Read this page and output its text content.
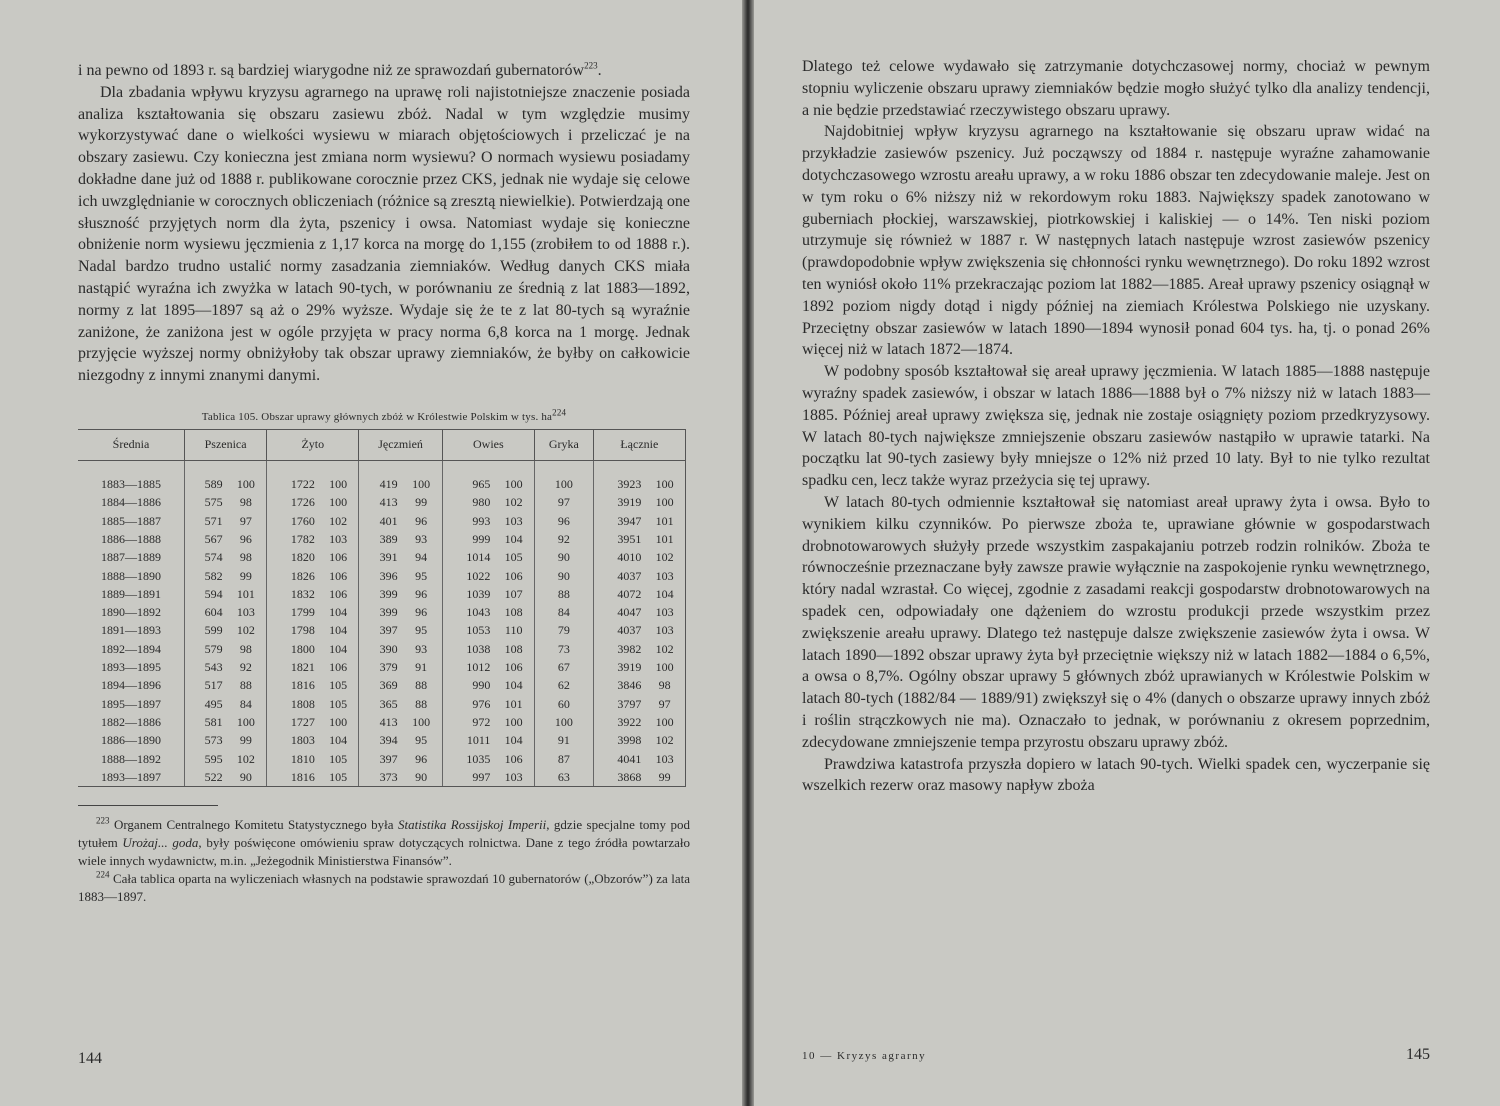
i na pewno od 1893 r. są bardziej wiarygodne niż ze sprawozdań gubernatorów$^{223}$.

Dla zbadania wpływu kryzysu agrarnego na uprawę roli najistotniejsze znaczenie posiada analiza kształtowania się obszaru zasiewu zbóż. Nadal w tym względzie musimy wykorzystywać dane o wielkości wysiewu w miarach objętościowych i przeliczać je na obszary zasiewu. Czy konieczna jest zmiana norm wysiewu? O normach wysiewu posiadamy dokładne dane już od 1888 r. publikowane corocznie przez CKS, jednak nie wydaje się celowe ich uwzględnianie w corocznych obliczeniach (różnice są zresztą niewielkie). Potwierdzają one słuszność przyjętych norm dla żyta, pszenicy i owsa. Natomiast wydaje się konieczne obniżenie norm wysiewu jęczmienia z 1,17 korca na morgę do 1,155 (zrobiłem to od 1888 r.). Nadal bardzo trudno ustalić normy zasadzania ziemniaków. Według danych CKS miała nastąpić wyraźna ich zwyżka w latach 90-tych, w porównaniu ze średnią z lat 1883—1892, normy z lat 1895—1897 są aż o 29% wyższe. Wydaje się że te z lat 80-tych są wyraźnie zaniżone, że zaniżona jest w ogóle przyjęta w pracy norma 6,8 korca na 1 morgę. Jednak przyjęcie wyższej normy obniżyłoby tak obszar uprawy ziemniaków, że byłby on całkowicie niezgodny z innymi znanymi danymi.

Tablica 105. Obszar uprawy głównych zbóż w Królestwie Polskim w tys. $ha^{224}$
Średnia	Pszenica		Żyto		Jęczmień		Owies		Gryka	Łącznie	

1883—1885	589	100	1722	100	419	100	965	100	100	3923	100
1884—1886	575	98	1726	100	413	99	980	102	97	3919	100
1885—1887	571	97	1760	102	401	96	993	103	96	3947	101
1886—1888	567	96	1782	103	389	93	999	104	92	3951	101
1887—1889	574	98	1820	106	391	94	1014	105	90	4010	102
1888—1890	582	99	1826	106	396	95	1022	106	90	4037	103
1889—1891	594	101	1832	106	399	96	1039	107	88	4072	104
1890—1892	604	103	1799	104	399	96	1043	108	84	4047	103
1891—1893	599	102	1798	104	397	95	1053	110	79	4037	103
1892—1894	579	98	1800	104	390	93	1038	108	73	3982	102
1893—1895	543	92	1821	106	379	91	1012	106	67	3919	100
1894—1896	517	88	1816	105	369	88	990	104	62	3846	98
1895—1897	495	84	1808	105	365	88	976	101	60	3797	97
1882—1886	581	100	1727	100	413	100	972	100	100	3922	100
1886—1890	573	99	1803	104	394	95	1011	104	91	3998	102
1888—1892	595	102	1810	105	397	96	1035	106	87	4041	103
1893—1897	522	90	1816	105	373	90	997	103	63	3868	99

$^{223}$ Organem Centralnego Komitetu Statystycznego była Statistika Rossijskoj Imperii, gdzie specjalne tomy pod tytułem Urożaj... goda, były poświęcone omówieniu spraw dotyczących rolnictwa. Dane z tego źródła powtarzało wiele innych wydawnictw, m.in. „Jeżegodnik Ministierstwa Finansów”.

$^{224}$ Cała tablica oparta na wyliczeniach własnych na podstawie sprawozdań 10 gubernatorów („Obzorów”) za lata 1883—1897.

144

Dlatego też celowe wydawało się zatrzymanie dotychczasowej normy, chociaż w pewnym stopniu wyliczenie obszaru uprawy ziemniaków będzie mogło służyć tylko dla analizy tendencji, a nie będzie przedstawiać rzeczywistego obszaru uprawy.

Najdobitniej wpływ kryzysu agrarnego na kształtowanie się obszaru upraw widać na przykładzie zasiewów pszenicy. Już począwszy od 1884 r. następuje wyraźne zahamowanie dotychczasowego wzrostu areału uprawy, a w roku 1886 obszar ten zdecydowanie maleje. Jest on w tym roku o 6% niższy niż w rekordowym roku 1883. Największy spadek zanotowano w guberniach płockiej, warszawskiej, piotrkowskiej i kaliskiej — o 14%. Ten niski poziom utrzymuje się również w 1887 r. W następnych latach następuje wzrost zasiewów pszenicy (prawdopodobnie wpływ zwiększenia się chłonności rynku wewnętrznego). Do roku 1892 wzrost ten wyniósł około 11% przekraczając poziom lat 1882—1885. Areał uprawy pszenicy osiągnął w 1892 poziom nigdy dotąd i nigdy później na ziemiach Królestwa Polskiego nie uzyskany. Przeciętny obszar zasiewów w latach 1890—1894 wynosił ponad 604 tys. ha, tj. o ponad 26% więcej niż w latach 1872—1874.

W podobny sposób kształtował się areał uprawy jęczmienia. W latach 1885—1888 następuje wyraźny spadek zasiewów, i obszar w latach 1886—1888 był o 7% niższy niż w latach 1883—1885. Później areał uprawy zwiększa się, jednak nie zostaje osiągnięty poziom przedkryzysowy. W latach 80-tych największe zmniejszenie obszaru zasiewów nastąpiło w uprawie tatarki. Na początku lat 90-tych zasiewy były mniejsze o 12% niż przed 10 laty. Był to nie tylko rezultat spadku cen, lecz także wyraz przeżycia się tej uprawy.

W latach 80-tych odmiennie kształtował się natomiast areał uprawy żyta i owsa. Było to wynikiem kilku czynników. Po pierwsze zboża te, uprawiane głównie w gospodarstwach drobnotowarowych służyły przede wszystkim zaspakajaniu potrzeb rodzin rolników. Zboża te równocześnie przeznaczane były zawsze prawie wyłącznie na zaspokojenie rynku wewnętrznego, który nadal wzrastał. Co więcej, zgodnie z zasadami reakcji gospodarstw drobnotowarowych na spadek cen, odpowiadały one dążeniem do wzrostu produkcji przede wszystkim przez zwiększenie areału uprawy. Dlatego też następuje dalsze zwiększenie zasiewów żyta i owsa. W latach 1890—1892 obszar uprawy żyta był przeciętnie większy niż w latach 1882—1884 o 6,5%, a owsa o 8,7%. Ogólny obszar uprawy 5 głównych zbóż uprawianych w Królestwie Polskim w latach 80-tych (1882/84 — 1889/91) zwiększył się o 4% (danych o obszarze uprawy innych zbóż i roślin strączkowych nie ma). Oznaczało to jednak, w porównaniu z okresem poprzednim, zdecydowane zmniejszenie tempa przyrostu obszaru uprawy zbóż.

Prawdziwa katastrofa przyszła dopiero w latach 90-tych. Wielki spadek cen, wyczerpanie się wszelkich rezerw oraz masowy napływ zboża

10 — Kryzys agrarny	145
